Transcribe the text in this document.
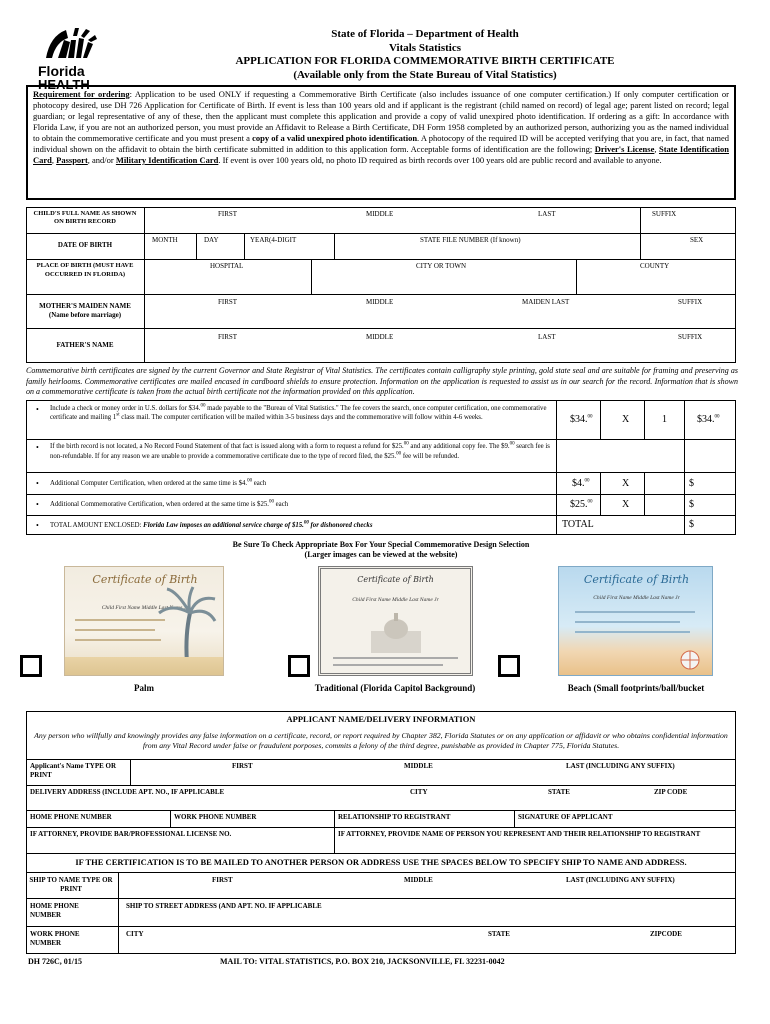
Florida
HEALTH
State of Florida – Department of Health
Vitals Statistics
APPLICATION FOR FLORIDA COMMEMORATIVE BIRTH CERTIFICATE
(Available only from the State Bureau of Vital Statistics)
Requirement for ordering: Application to be used ONLY if requesting a Commemorative Birth Certificate (also includes issuance of one computer certification.) If only computer certification or photocopy desired, use DH 726 Application for Certificate of Birth. If event is less than 100 years old and if applicant is the registrant (child named on record) of legal age; parent listed on record; legal guardian; or legal representative of any of these, then the applicant must complete this application and provide a copy of valid unexpired photo identification. If ordering as a gift: In accordance with Florida Law, if you are not an authorized person, you must provide an Affidavit to Release a Birth Certificate, DH Form 1958 completed by an authorized person, authorizing you as the named individual to obtain the commemorative certificate and you must present a copy of a valid unexpired photo identification. A photocopy of the required ID will be accepted verifying that you are, in fact, that named individual shown on the affidavit to obtain the birth certificate submitted in addition to this application form. Acceptable forms of identification are the following; Driver's License, State Identification Card, Passport, and/or Military Identification Card. If event is over 100 years old, no photo ID required as birth records over 100 years old are public record and available to anyone.
CHILD'S FULL NAME AS SHOWN ON BIRTH RECORD
FIRST	MIDDLE	LAST	SUFFIX
DATE OF BIRTH
MONTH	DAY	YEAR(4-DIGIT	STATE FILE NUMBER (If known)	SEX
PLACE OF BIRTH (MUST HAVE OCCURRED IN FLORIDA)
HOSPITAL	CITY OR TOWN	COUNTY
MOTHER'S MAIDEN NAME
(Name before marriage)
FIRST	MIDDLE	MAIDEN LAST	SUFFIX
FATHER'S NAME
FIRST	MIDDLE	LAST	SUFFIX
Commemorative birth certificates are signed by the current Governor and State Registrar of Vital Statistics. The certificates contain calligraphy style printing, gold state seal and are suitable for framing and preserving as family heirlooms. Commemorative certificates are mailed encased in cardboard shields to ensure protection. Information on the application is requested to assist us in our search for the record. Information that is shown on a commemorative certificate is taken from the actual birth certificate not the information provided on this application.
• Include a check or money order in U.S. dollars for $34.00 made payable to the "Bureau of Vital Statistics." The fee covers the search, once computer certification, one commemorative certificate and mailing 1st class mail. The computer certification will be mailed within 3-5 business days and the commemorative will follow within 4-6 weeks.	$34.00	X	1	$34.00
• If the birth record is not located, a No Record Found Statement of that fact is issued along with a form to request a refund for $25.00 and any additional copy fee. The $9.00 search fee is non-refundable. If for any reason we are unable to provide a commemorative certificate due to the type of record filed, the $25.00 fee will be refunded.
• Additional Computer Certification, when ordered at the same time is $4.00 each	$4.00	X	$
• Additional Commemorative Certification, when ordered at the same time is $25.00 each	$25.00	X	$
• TOTAL AMOUNT ENCLOSED: Florida Law imposes an additional service charge of $15.00 for dishonored checks	TOTAL	$
Be Sure To Check Appropriate Box For Your Special Commemorative Design Selection
(Larger images can be viewed at the website)
Certificate of Birth
Child First Name Middle Last Name Jr
Palm
Certificate of Birth
Child First Name Middle Last Name Jr
Traditional (Florida Capitol Background)
Certificate of Birth
Child First Name Middle Last Name Jr
Beach (Small footprints/ball/bucket
APPLICANT NAME/DELIVERY INFORMATION
Any person who willfully and knowingly provides any false information on a certificate, record, or report required by Chapter 382, Florida Statutes or on any application or affidavit or who obtains confidential information from any Vital Record under false or fraudulent porposes, commits a felony of the third degree, punishable as provided in Chapter 775, Florida Statutes.
Applicant's Name TYPE OR PRINT
FIRST	MIDDLE	LAST (INCLUDING ANY SUFFIX)
DELIVERY ADDRESS (INCLUDE APT. NO., IF APPLICABLE	CITY	STATE	ZIP CODE
HOME PHONE NUMBER	WORK PHONE NUMBER	RELATIONSHIP TO REGISTRANT	SIGNATURE OF APPLICANT
IF ATTORNEY, PROVIDE BAR/PROFESSIONAL LICENSE NO.	IF ATTORNEY, PROVIDE NAME OF PERSON YOU REPRESENT AND THEIR RELATIONSHIP TO REGISTRANT
IF THE CERTIFICATION IS TO BE MAILED TO ANOTHER PERSON OR ADDRESS USE THE SPACES BELOW TO SPECIFY SHIP TO NAME AND ADDRESS.
SHIP TO NAME TYPE OR PRINT
FIRST	MIDDLE	LAST (INCLUDING ANY SUFFIX)
HOME PHONE NUMBER
SHIP TO STREET ADDRESS (AND APT. NO. IF APPLICABLE
WORK PHONE NUMBER
CITY	STATE	ZIPCODE
DH 726C, 01/15	MAIL TO: VITAL STATISTICS, P.O. BOX 210, JACKSONVILLE, FL 32231-0042
